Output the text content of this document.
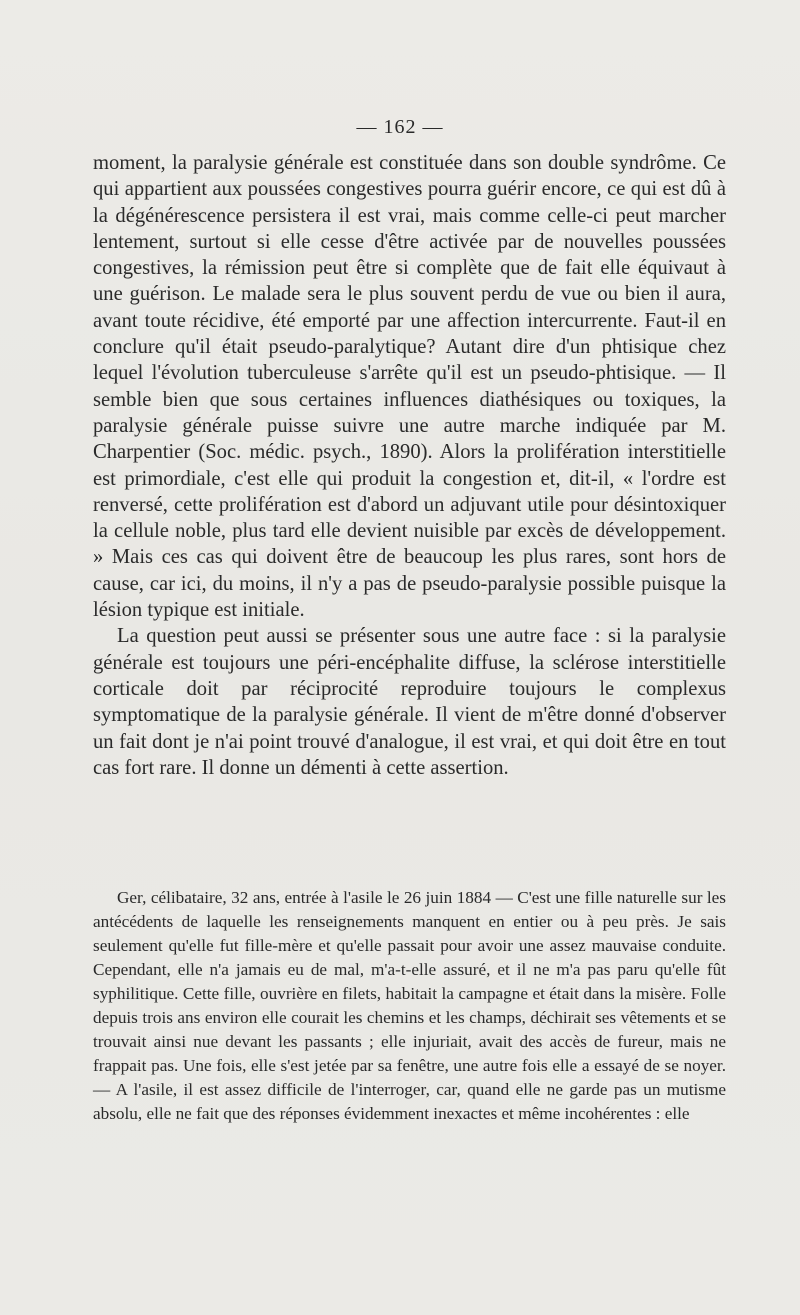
— 162 —

moment, la paralysie générale est constituée dans son double syndrôme. Ce qui appartient aux poussées congestives pourra guérir encore, ce qui est dû à la dégénérescence persistera il est vrai, mais comme celle-ci peut marcher lentement, surtout si elle cesse d'être activée par de nouvelles poussées congestives, la rémission peut être si complète que de fait elle équivaut à une guérison. Le malade sera le plus souvent perdu de vue ou bien il aura, avant toute récidive, été emporté par une affection intercurrente. Faut-il en conclure qu'il était pseudo-paralytique? Autant dire d'un phtisique chez lequel l'évolution tuberculeuse s'arrête qu'il est un pseudo-phtisique. — Il semble bien que sous certaines influences diathésiques ou toxiques, la paralysie générale puisse suivre une autre marche indiquée par M. Charpentier (Soc. médic. psych., 1890). Alors la prolifération interstitielle est primordiale, c'est elle qui produit la congestion et, dit-il, « l'ordre est renversé, cette prolifération est d'abord un adjuvant utile pour désintoxiquer la cellule noble, plus tard elle devient nuisible par excès de développement. » Mais ces cas qui doivent être de beaucoup les plus rares, sont hors de cause, car ici, du moins, il n'y a pas de pseudo-paralysie possible puisque la lésion typique est initiale.

La question peut aussi se présenter sous une autre face : si la paralysie générale est toujours une péri-encéphalite diffuse, la sclérose interstitielle corticale doit par réciprocité reproduire toujours le complexus symptomatique de la paralysie générale. Il vient de m'être donné d'observer un fait dont je n'ai point trouvé d'analogue, il est vrai, et qui doit être en tout cas fort rare. Il donne un démenti à cette assertion.

Ger, célibataire, 32 ans, entrée à l'asile le 26 juin 1884 — C'est une fille naturelle sur les antécédents de laquelle les renseignements manquent en entier ou à peu près. Je sais seulement qu'elle fut fille-mère et qu'elle passait pour avoir une assez mauvaise conduite. Cependant, elle n'a jamais eu de mal, m'a-t-elle assuré, et il ne m'a pas paru qu'elle fût syphilitique. Cette fille, ouvrière en filets, habitait la campagne et était dans la misère. Folle depuis trois ans environ elle courait les chemins et les champs, déchirait ses vêtements et se trouvait ainsi nue devant les passants ; elle injuriait, avait des accès de fureur, mais ne frappait pas. Une fois, elle s'est jetée par sa fenêtre, une autre fois elle a essayé de se noyer. — A l'asile, il est assez difficile de l'interroger, car, quand elle ne garde pas un mutisme absolu, elle ne fait que des réponses évidemment inexactes et même incohérentes : elle
